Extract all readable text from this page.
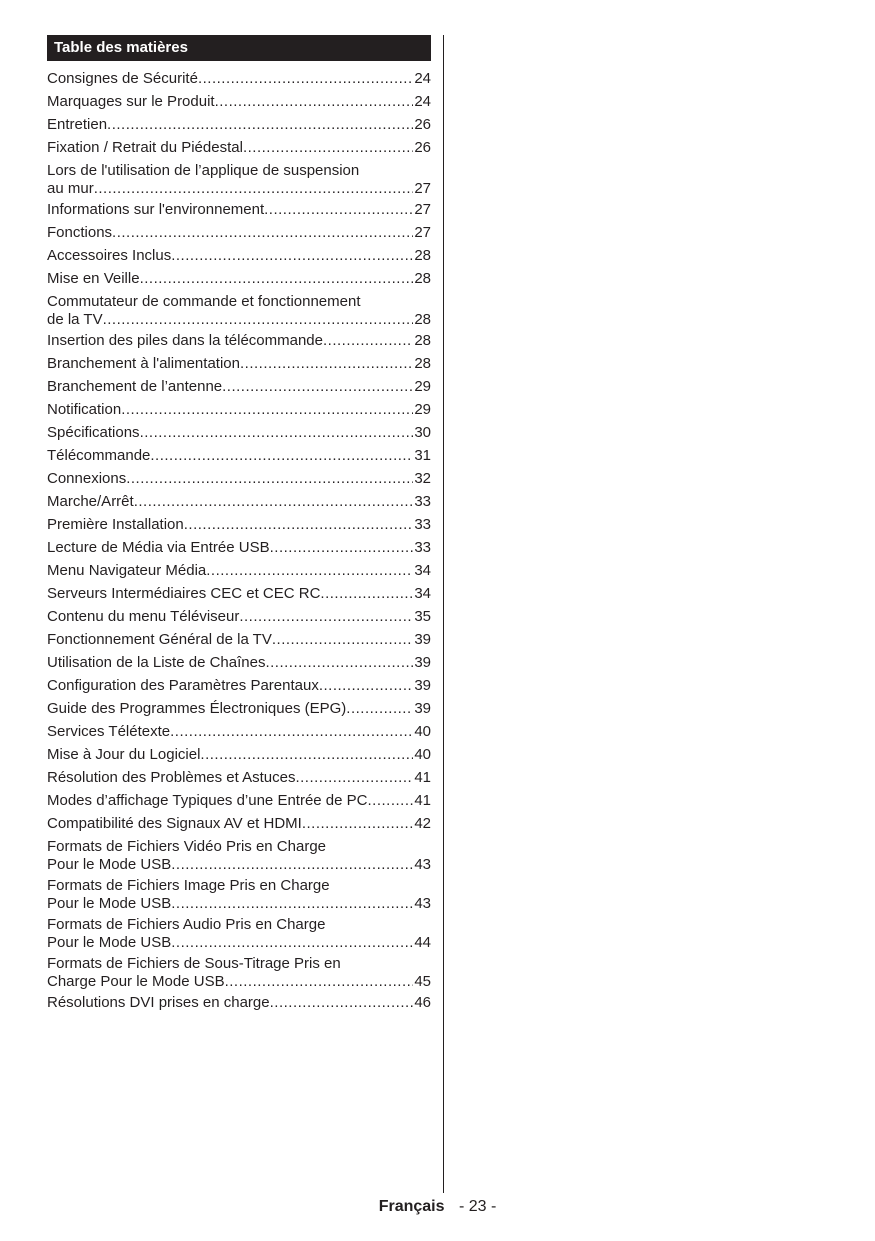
Table des matières
Consignes de Sécurité .....	24
Marquages sur le Produit .....	24
Entretien .....	26
Fixation / Retrait du Piédestal .....	26
Lors de l'utilisation de l’applique de suspension
au mur .....	27
Informations sur l'environnement .....	27
Fonctions .....	27
Accessoires Inclus .....	28
Mise en Veille .....	28
Commutateur de commande et fonctionnement
de la TV .....	28
Insertion des piles dans la télécommande .....	28
Branchement à l'alimentation .....	28
Branchement de l’antenne .....	29
Notification .....	29
Spécifications .....	30
Télécommande .....	31
Connexions .....	32
Marche/Arrêt .....	33
Première Installation .....	33
Lecture de Média via Entrée USB .....	33
Menu Navigateur Média .....	34
Serveurs Intermédiaires CEC et CEC RC .....	34
Contenu du menu Téléviseur .....	35
Fonctionnement Général de la TV .....	39
Utilisation de la Liste de Chaînes .....	39
Configuration des Paramètres Parentaux .....	39
Guide des Programmes Électroniques (EPG) .....	39
Services Télétexte .....	40
Mise à Jour du Logiciel .....	40
Résolution des Problèmes et Astuces .....	41
Modes d’affichage Typiques d’une Entrée de PC .....	41
Compatibilité des Signaux AV et HDMI .....	42
Formats de Fichiers Vidéo Pris en Charge
Pour le Mode USB .....	43
Formats de Fichiers Image Pris en Charge
Pour le Mode USB .....	43
Formats de Fichiers Audio Pris en Charge
Pour le Mode USB .....	44
Formats de Fichiers de Sous-Titrage Pris en
Charge Pour le Mode USB .....	45
Résolutions DVI prises en charge .....	46
Français - 23 -
